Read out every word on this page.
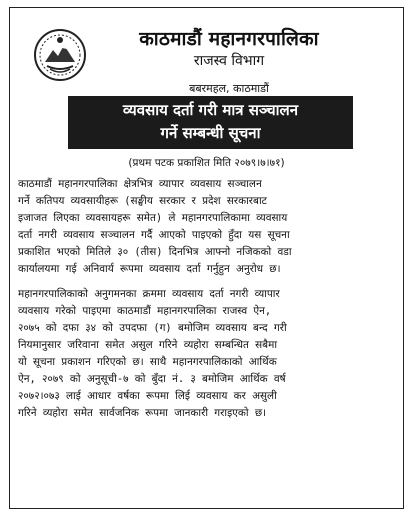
काठमाडौं महानगरपालिका
राजस्व विभाग
बबरमहल, काठमाडौं
व्यवसाय दर्ता गरी मात्र सञ्चालन
गर्ने सम्बन्धी सूचना
(प्रथम पटक प्रकाशित मिति २०७९।७।७१)
काठमाडौं महानगरपालिका क्षेत्रभित्र व्यापार व्यवसाय सञ्चालन
गर्ने कतिपय व्यवसायीहरू (सङ्घीय सरकार र प्रदेश सरकारबाट
इजाजत लिएका व्यवसायहरू समेत) ले महानगरपालिकामा व्यवसाय
दर्ता नगरी व्यवसाय सञ्चालन गर्दै आएको पाइएको हुँदा यस सूचना
प्रकाशित भएको मितिले ३० (तीस) दिनभित्र आफ्नो नजिकको वडा
कार्यालयमा गई अनिवार्य रूपमा व्यवसाय दर्ता गर्नुहुन अनुरोध छ।
महानगरपालिकाको अनुगमनका क्रममा व्यवसाय दर्ता नगरी व्यापार
व्यवसाय गरेको पाइएमा काठमाडौं महानगरपालिका राजस्व ऐन,
२०७५ को दफा ३४ को उपदफा (ग) बमोजिम व्यवसाय बन्द गरी
नियमानुसार जरिवाना समेत असुल गरिने व्यहोरा सम्बन्धित सबैमा
यो सूचना प्रकाशन गरिएको छ। साथै महानगरपालिकाको आर्थिक
ऐन, २०७९ को अनुसूची-७ को बुँदा नं. ३ बमोजिम आर्थिक वर्ष
२०७२।०७३ लाई आधार वर्षका रूपमा लिई व्यवसाय कर असुली
गरिने व्यहोरा समेत सार्वजनिक रूपमा जानकारी गराइएको छ।
